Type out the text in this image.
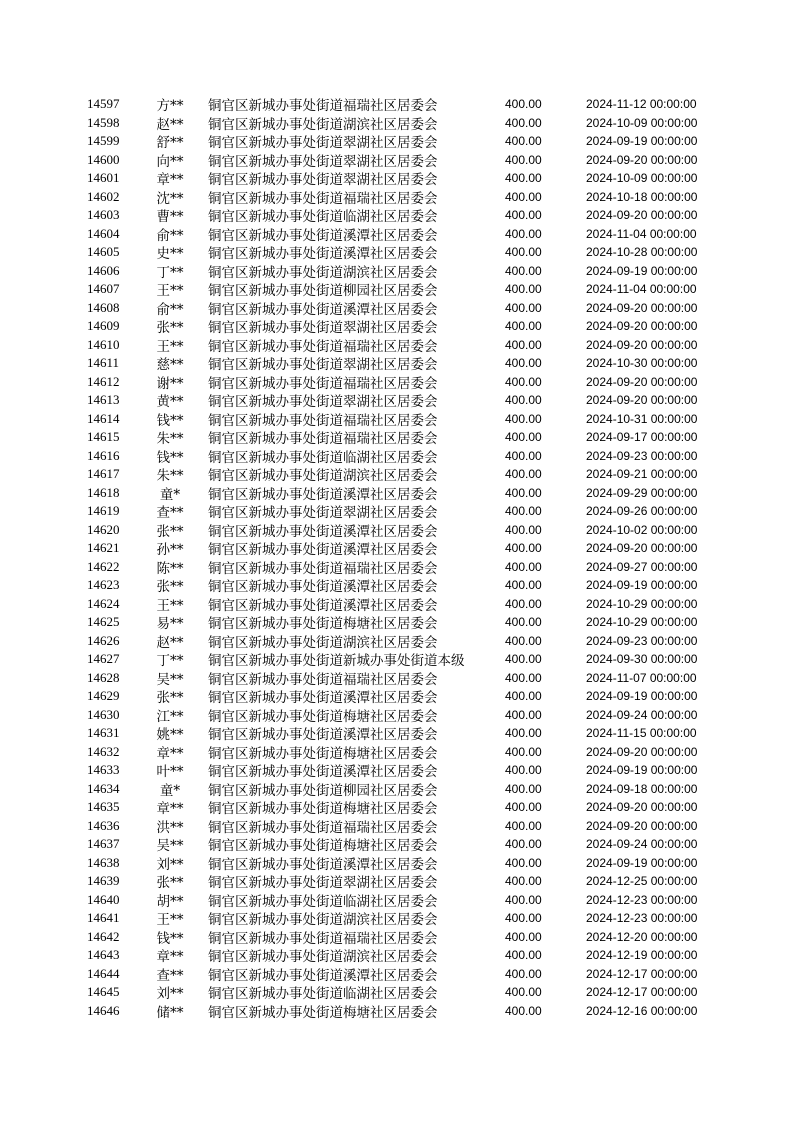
14597	方**	铜官区新城办事处街道福瑞社区居委会	400.00	2024-11-12 00:00:00
14598	赵**	铜官区新城办事处街道湖滨社区居委会	400.00	2024-10-09 00:00:00
14599	舒**	铜官区新城办事处街道翠湖社区居委会	400.00	2024-09-19 00:00:00
14600	向**	铜官区新城办事处街道翠湖社区居委会	400.00	2024-09-20 00:00:00
14601	章**	铜官区新城办事处街道翠湖社区居委会	400.00	2024-10-09 00:00:00
14602	沈**	铜官区新城办事处街道福瑞社区居委会	400.00	2024-10-18 00:00:00
14603	曹**	铜官区新城办事处街道临湖社区居委会	400.00	2024-09-20 00:00:00
14604	俞**	铜官区新城办事处街道溪潭社区居委会	400.00	2024-11-04 00:00:00
14605	史**	铜官区新城办事处街道溪潭社区居委会	400.00	2024-10-28 00:00:00
14606	丁**	铜官区新城办事处街道湖滨社区居委会	400.00	2024-09-19 00:00:00
14607	王**	铜官区新城办事处街道柳园社区居委会	400.00	2024-11-04 00:00:00
14608	俞**	铜官区新城办事处街道溪潭社区居委会	400.00	2024-09-20 00:00:00
14609	张**	铜官区新城办事处街道翠湖社区居委会	400.00	2024-09-20 00:00:00
14610	王**	铜官区新城办事处街道福瑞社区居委会	400.00	2024-09-20 00:00:00
14611	慈**	铜官区新城办事处街道翠湖社区居委会	400.00	2024-10-30 00:00:00
14612	谢**	铜官区新城办事处街道福瑞社区居委会	400.00	2024-09-20 00:00:00
14613	黄**	铜官区新城办事处街道翠湖社区居委会	400.00	2024-09-20 00:00:00
14614	钱**	铜官区新城办事处街道福瑞社区居委会	400.00	2024-10-31 00:00:00
14615	朱**	铜官区新城办事处街道福瑞社区居委会	400.00	2024-09-17 00:00:00
14616	钱**	铜官区新城办事处街道临湖社区居委会	400.00	2024-09-23 00:00:00
14617	朱**	铜官区新城办事处街道湖滨社区居委会	400.00	2024-09-21 00:00:00
14618	童*	铜官区新城办事处街道溪潭社区居委会	400.00	2024-09-29 00:00:00
14619	查**	铜官区新城办事处街道翠湖社区居委会	400.00	2024-09-26 00:00:00
14620	张**	铜官区新城办事处街道溪潭社区居委会	400.00	2024-10-02 00:00:00
14621	孙**	铜官区新城办事处街道溪潭社区居委会	400.00	2024-09-20 00:00:00
14622	陈**	铜官区新城办事处街道福瑞社区居委会	400.00	2024-09-27 00:00:00
14623	张**	铜官区新城办事处街道溪潭社区居委会	400.00	2024-09-19 00:00:00
14624	王**	铜官区新城办事处街道溪潭社区居委会	400.00	2024-10-29 00:00:00
14625	易**	铜官区新城办事处街道梅塘社区居委会	400.00	2024-10-29 00:00:00
14626	赵**	铜官区新城办事处街道湖滨社区居委会	400.00	2024-09-23 00:00:00
14627	丁**	铜官区新城办事处街道新城办事处街道本级	400.00	2024-09-30 00:00:00
14628	吴**	铜官区新城办事处街道福瑞社区居委会	400.00	2024-11-07 00:00:00
14629	张**	铜官区新城办事处街道溪潭社区居委会	400.00	2024-09-19 00:00:00
14630	江**	铜官区新城办事处街道梅塘社区居委会	400.00	2024-09-24 00:00:00
14631	姚**	铜官区新城办事处街道溪潭社区居委会	400.00	2024-11-15 00:00:00
14632	章**	铜官区新城办事处街道梅塘社区居委会	400.00	2024-09-20 00:00:00
14633	叶**	铜官区新城办事处街道溪潭社区居委会	400.00	2024-09-19 00:00:00
14634	童*	铜官区新城办事处街道柳园社区居委会	400.00	2024-09-18 00:00:00
14635	章**	铜官区新城办事处街道梅塘社区居委会	400.00	2024-09-20 00:00:00
14636	洪**	铜官区新城办事处街道福瑞社区居委会	400.00	2024-09-20 00:00:00
14637	吴**	铜官区新城办事处街道梅塘社区居委会	400.00	2024-09-24 00:00:00
14638	刘**	铜官区新城办事处街道溪潭社区居委会	400.00	2024-09-19 00:00:00
14639	张**	铜官区新城办事处街道翠湖社区居委会	400.00	2024-12-25 00:00:00
14640	胡**	铜官区新城办事处街道临湖社区居委会	400.00	2024-12-23 00:00:00
14641	王**	铜官区新城办事处街道湖滨社区居委会	400.00	2024-12-23 00:00:00
14642	钱**	铜官区新城办事处街道福瑞社区居委会	400.00	2024-12-20 00:00:00
14643	章**	铜官区新城办事处街道湖滨社区居委会	400.00	2024-12-19 00:00:00
14644	查**	铜官区新城办事处街道溪潭社区居委会	400.00	2024-12-17 00:00:00
14645	刘**	铜官区新城办事处街道临湖社区居委会	400.00	2024-12-17 00:00:00
14646	储**	铜官区新城办事处街道梅塘社区居委会	400.00	2024-12-16 00:00:00
